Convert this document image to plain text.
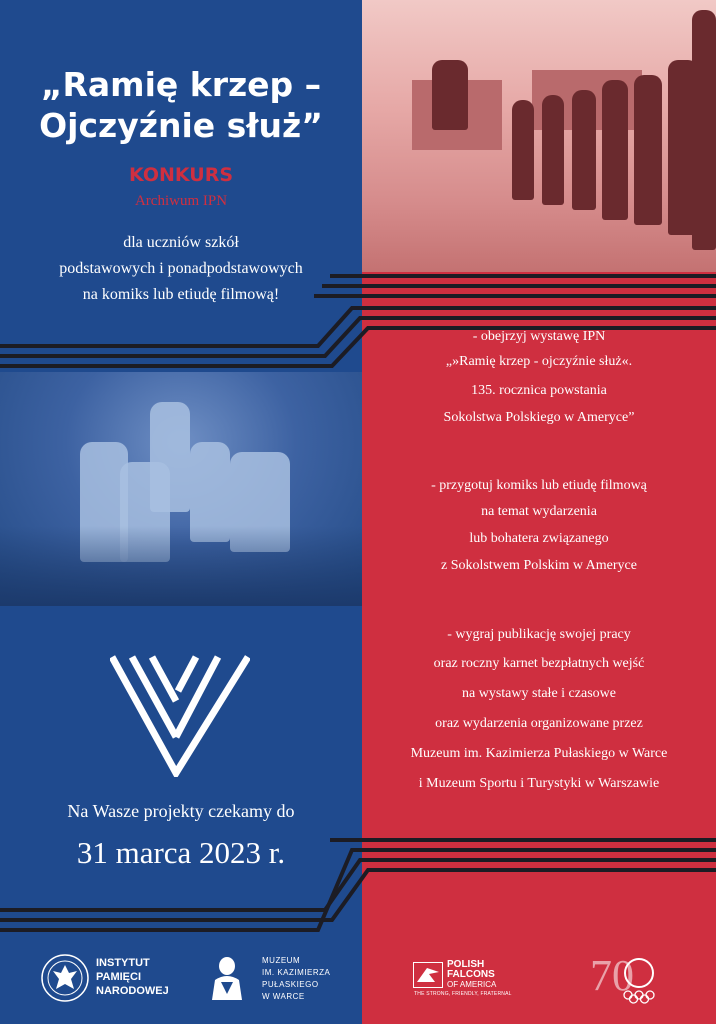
„Ramię krzep –
Ojczyźnie służ”
KONKURS
Archiwum IPN
dla uczniów szkół
podstawowych i ponadpodstawowych
na komiks lub etiudę filmową!
- obejrzyj wystawę IPN
„»Ramię krzep - ojczyźnie służ«.
135. rocznica powstania
Sokolstwa Polskiego w Ameryce”
- przygotuj komiks lub etiudę filmową
na temat wydarzenia
lub bohatera związanego
z Sokolstwem Polskim w Ameryce
- wygraj publikację swojej pracy
oraz roczny karnet bezpłatnych wejść
na wystawy stałe i czasowe
oraz wydarzenia organizowane przez
Muzeum im. Kazimierza Pułaskiego w Warce
i Muzeum Sportu i Turystyki w Warszawie
Na Wasze projekty czekamy do
31 marca 2023 r.
INSTYTUT
PAMIĘCI
NARODOWEJ
MUZEUM
IM. KAZIMIERZA
PUŁASKIEGO
W WARCE
POLISH
FALCONS
OF AMERICA
THE STRONG, FRIENDLY, FRATERNAL 70
